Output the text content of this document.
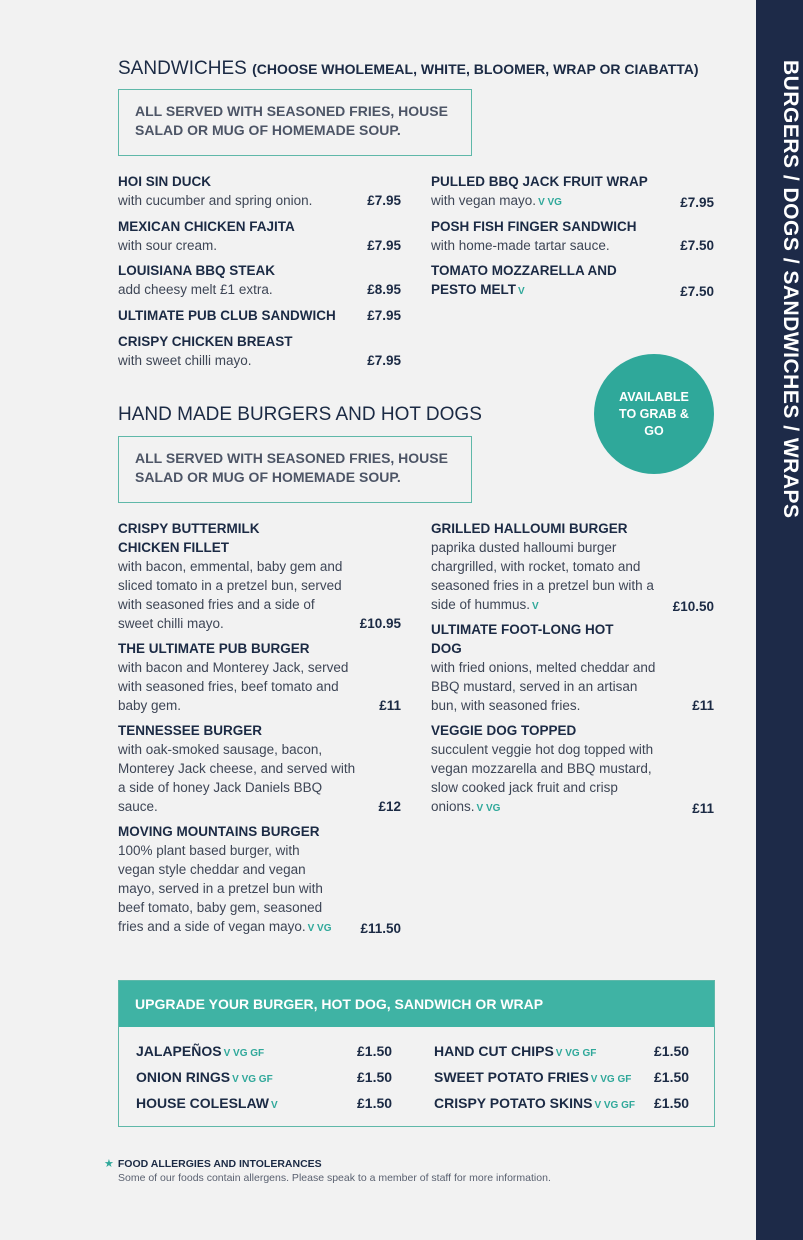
BURGERS / DOGS / SANDWICHES / WRAPS
SANDWICHES (CHOOSE WHOLEMEAL, WHITE, BLOOMER, WRAP OR CIABATTA)
ALL SERVED WITH SEASONED FRIES, HOUSE SALAD OR MUG OF HOMEMADE SOUP.
HOI SIN DUCK
with cucumber and spring onion.	£7.95
MEXICAN CHICKEN FAJITA
with sour cream.	£7.95
LOUISIANA BBQ STEAK
add cheesy melt £1 extra.	£8.95
ULTIMATE PUB CLUB SANDWICH	£7.95
CRISPY CHICKEN BREAST
with sweet chilli mayo.	£7.95
PULLED BBQ JACK FRUIT WRAP
with vegan mayo. V VG	£7.95
POSH FISH FINGER SANDWICH
with home-made tartar sauce.	£7.50
TOMATO MOZZARELLA AND PESTO MELT V	£7.50
AVAILABLE TO GRAB & GO
HAND MADE BURGERS AND HOT DOGS
ALL SERVED WITH SEASONED FRIES, HOUSE SALAD OR MUG OF HOMEMADE SOUP.
CRISPY BUTTERMILK CHICKEN FILLET
with bacon, emmental, baby gem and sliced tomato in a pretzel bun, served with seasoned fries and a side of sweet chilli mayo.	£10.95
THE ULTIMATE PUB BURGER
with bacon and Monterey Jack, served with seasoned fries, beef tomato and baby gem.	£11
TENNESSEE BURGER
with oak-smoked sausage, bacon, Monterey Jack cheese, and served with a side of honey Jack Daniels BBQ sauce.	£12
MOVING MOUNTAINS BURGER
100% plant based burger, with vegan style cheddar and vegan mayo, served in a pretzel bun with beef tomato, baby gem, seasoned fries and a side of vegan mayo. V VG £11.50
GRILLED HALLOUMI BURGER
paprika dusted halloumi burger chargrilled, with rocket, tomato and seasoned fries in a pretzel bun with a side of hummus. V	£10.50
ULTIMATE FOOT-LONG HOT DOG
with fried onions, melted cheddar and BBQ mustard, served in an artisan bun, with seasoned fries.	£11
VEGGIE DOG TOPPED
succulent veggie hot dog topped with vegan mozzarella and BBQ mustard, slow cooked jack fruit and crisp onions. V VG	£11
UPGRADE YOUR BURGER, HOT DOG, SANDWICH OR WRAP
JALAPEÑOS V VG GF	£1.50
ONION RINGS V VG GF	£1.50
HOUSE COLESLAW V	£1.50
HAND CUT CHIPS V VG GF	£1.50
SWEET POTATO FRIES V VG GF £1.50
CRISPY POTATO SKINS V VG GF £1.50
★ FOOD ALLERGIES AND INTOLERANCES
Some of our foods contain allergens. Please speak to a member of staff for more information.
